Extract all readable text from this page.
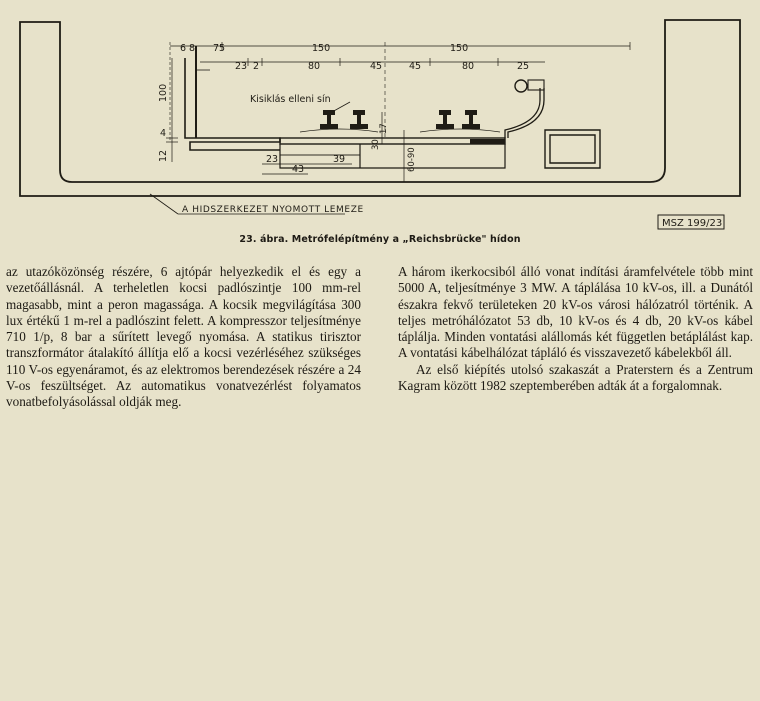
6 8 75	150	150
23 2	80	45	45	80	25
100
4
12	23	39
43
17
30
60-90
Kisiklás elleni sín
A HIDSZERKEZET NYOMOTT LEMEZE
MSZ 199/23
23. ábra. Metrófelépítmény a „Reichsbrücke" hídon

az utazóközönség részére, 6 ajtópár helyezkedik el és egy a vezetőállásnál. A terheletlen kocsi padlószintje 100 mm-rel magasabb, mint a peron magassága. A kocsik megvilágítása 300 lux értékű 1 m-rel a padlószint felett. A kompresszor teljesítménye 710 1/p, 8 bar a sűrített levegő nyomása. A statikus tirisztor transzformátor átalakító állítja elő a kocsi vezérléséhez szükséges 110 V-os egyenáramot, és az elektromos berendezések részére a 24 V-os feszültséget. Az automatikus vonatvezérlést folyamatos vonatbefolyásolással oldják meg.

A három ikerkocsiból álló vonat indítási áramfelvétele több mint 5000 A, teljesítménye 3 MW. A táplálása 10 kV-os, ill. a Dunától északra fekvő területeken 20 kV-os városi hálózatról történik. A teljes metróhálózatot 53 db, 10 kV-os és 4 db, 20 kV-os kábel táplálja. Minden vontatási alállomás két független betáplálást kap. A vontatási kábelhálózat tápláló és visszavezető kábelekből áll.

Az első kiépítés utolsó szakaszát a Praterstern és a Zentrum Kagram között 1982 szeptemberében adták át a forgalomnak.
